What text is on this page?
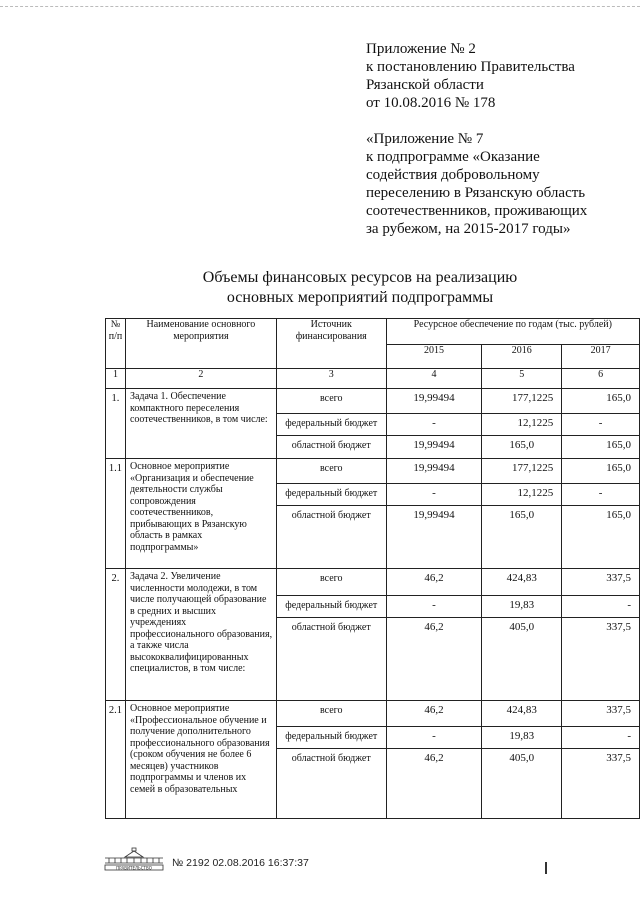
Приложение № 2
к постановлению Правительства
Рязанской области
от 10.08.2016 № 178
«Приложение № 7
к подпрограмме «Оказание
содействия добровольному
переселению в Рязанскую область
соотечественников, проживающих
за рубежом, на 2015-2017 годы»
Объемы финансовых ресурсов на реализацию
основных мероприятий подпрограммы
№ п/п	Наименование основного мероприятия	Источник финансирования	Ресурсное обеспечение по годам (тыс. рублей)		
			2015	2016	2017
1	2	3	4	5	6
1.	Задача 1. Обеспечение компактного переселения соотечественников, в том числе:	всего	19,99494	177,1225	165,0
		федеральный бюджет	-	12,1225	-
		областной бюджет	19,99494	165,0	165,0
1.1	Основное мероприятие «Организация и обеспечение деятельности службы сопровождения соотечественников, прибывающих в Рязанскую область в рамках подпрограммы»	всего	19,99494	177,1225	165,0
		федеральный бюджет	-	12,1225	-
		областной бюджет	19,99494	165,0	165,0
2.	Задача 2. Увеличение численности молодежи, в том числе получающей образование в средних и высших учреждениях профессионального образования, а также числа высококвалифицированных специалистов, в том числе:	всего	46,2	424,83	337,5
		федеральный бюджет	-	19,83	-
		областной бюджет	46,2	405,0	337,5
2.1	Основное мероприятие «Профессиональное обучение и получение дополнительного профессионального образования (сроком обучения не более 6 месяцев) участников подпрограммы и членов их семей в образовательных	всего	46,2	424,83	337,5
		федеральный бюджет	-	19,83	-
		областной бюджет	46,2	405,0	337,5
ПРАВИТЕЛЬСТВО № 2192 02.08.2016 16:37:37
